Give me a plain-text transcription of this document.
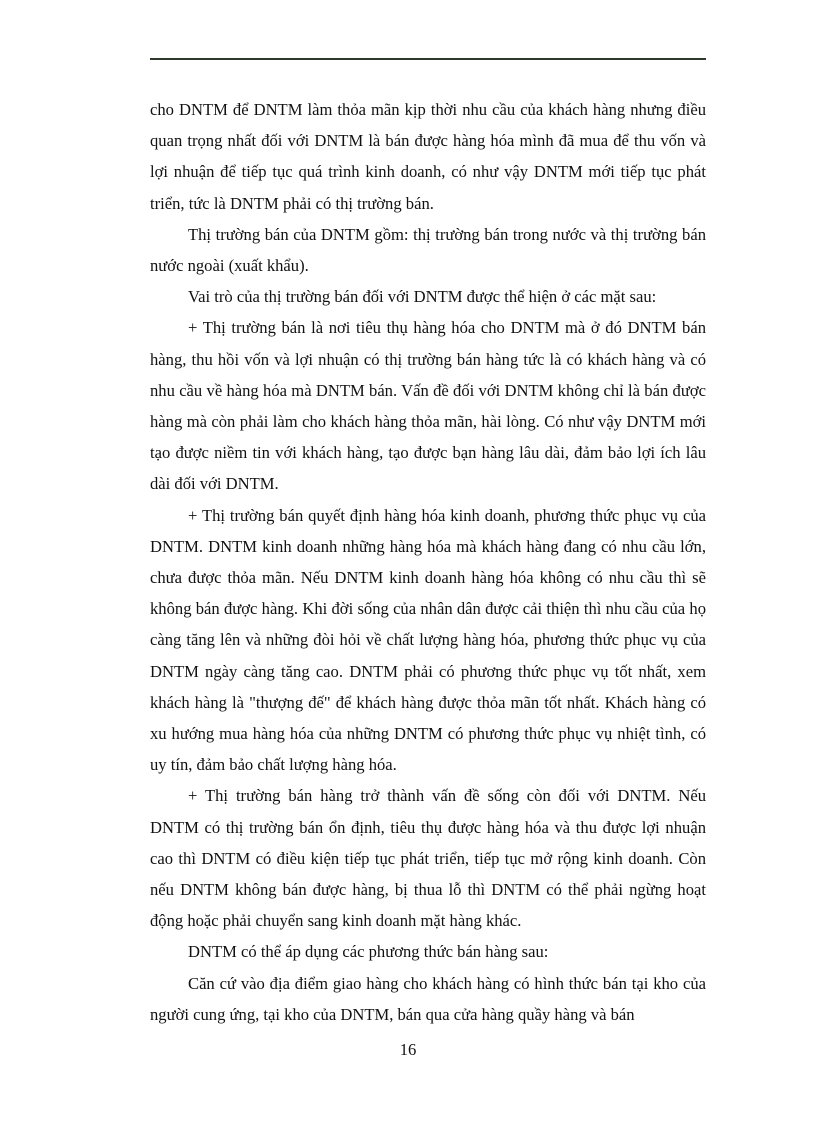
cho DNTM để DNTM làm thỏa mãn kịp thời nhu cầu của khách hàng nhưng điều quan trọng nhất đối với DNTM là bán được hàng hóa mình đã mua để thu vốn và lợi nhuận để tiếp tục quá trình kinh doanh, có như vậy DNTM mới tiếp tục phát triển, tức là DNTM phải có thị trường bán.

Thị trường bán của DNTM gồm: thị trường bán trong nước và thị trường bán nước ngoài (xuất khẩu).

Vai trò của thị trường bán đối với DNTM được thể hiện ở các mặt sau:

+ Thị trường bán là nơi tiêu thụ hàng hóa cho DNTM mà ở đó DNTM bán hàng, thu hồi vốn và lợi nhuận có thị trường bán hàng tức là có khách hàng và có nhu cầu về hàng hóa mà DNTM bán. Vấn đề đối với DNTM không chỉ là bán được hàng mà còn phải làm cho khách hàng thỏa mãn, hài lòng. Có như vậy DNTM mới tạo được niềm tin với khách hàng, tạo được bạn hàng lâu dài, đảm bảo lợi ích lâu dài đối với DNTM.

+ Thị trường bán quyết định hàng hóa kinh doanh, phương thức phục vụ của DNTM. DNTM kinh doanh những hàng hóa mà khách hàng đang có nhu cầu lớn, chưa được thỏa mãn. Nếu DNTM kinh doanh hàng hóa không có nhu cầu thì sẽ không bán được hàng. Khi đời sống của nhân dân được cải thiện thì nhu cầu của họ càng tăng lên và những đòi hỏi về chất lượng hàng hóa, phương thức phục vụ của DNTM ngày càng tăng cao. DNTM phải có phương thức phục vụ tốt nhất, xem khách hàng là "thượng đế" để khách hàng được thỏa mãn tốt nhất. Khách hàng có xu hướng mua hàng hóa của những DNTM có phương thức phục vụ nhiệt tình, có uy tín, đảm bảo chất lượng hàng hóa.

+ Thị trường bán hàng trở thành vấn đề sống còn đối với DNTM. Nếu DNTM có thị trường bán ổn định, tiêu thụ được hàng hóa và thu được lợi nhuận cao thì DNTM có điều kiện tiếp tục phát triển, tiếp tục mở rộng kinh doanh. Còn nếu DNTM không bán được hàng, bị thua lỗ thì DNTM có thể phải ngừng hoạt động hoặc phải chuyển sang kinh doanh mặt hàng khác.

DNTM có thể áp dụng các phương thức bán hàng sau:

Căn cứ vào địa điểm giao hàng cho khách hàng có hình thức bán tại kho của người cung ứng, tại kho của DNTM, bán qua cửa hàng quầy hàng và bán

16
